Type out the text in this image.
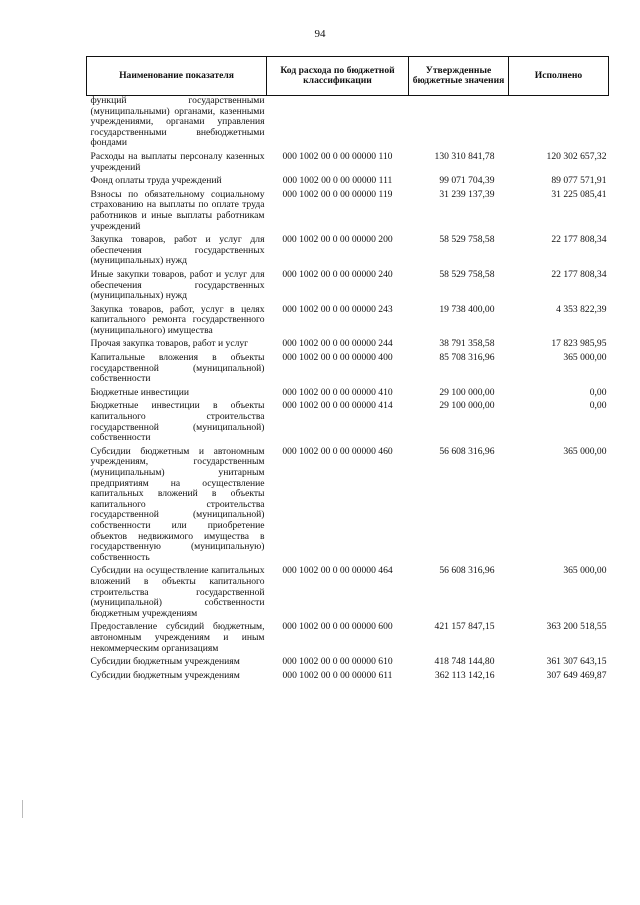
94
Наименование показателя	Код расхода по бюджетной классификации	Утвержденные бюджетные значения	Исполнено
функций государственными (муниципальными) органами, казенными учреждениями, органами управления государственными внебюджетными фондами			
Расходы на выплаты персоналу казенных учреждений	000 1002 00 0 00 00000 110	130 310 841,78	120 302 657,32
Фонд оплаты труда учреждений	000 1002 00 0 00 00000 111	99 071 704,39	89 077 571,91
Взносы по обязательному социальному страхованию на выплаты по оплате труда работников и иные выплаты работникам учреждений	000 1002 00 0 00 00000 119	31 239 137,39	31 225 085,41
Закупка товаров, работ и услуг для обеспечения государственных (муниципальных) нужд	000 1002 00 0 00 00000 200	58 529 758,58	22 177 808,34
Иные закупки товаров, работ и услуг для обеспечения государственных (муниципальных) нужд	000 1002 00 0 00 00000 240	58 529 758,58	22 177 808,34
Закупка товаров, работ, услуг в целях капитального ремонта государственного (муниципального) имущества	000 1002 00 0 00 00000 243	19 738 400,00	4 353 822,39
Прочая закупка товаров, работ и услуг	000 1002 00 0 00 00000 244	38 791 358,58	17 823 985,95
Капитальные вложения в объекты государственной (муниципальной) собственности	000 1002 00 0 00 00000 400	85 708 316,96	365 000,00
Бюджетные инвестиции	000 1002 00 0 00 00000 410	29 100 000,00	0,00
Бюджетные инвестиции в объекты капитального строительства государственной (муниципальной) собственности	000 1002 00 0 00 00000 414	29 100 000,00	0,00
Субсидии бюджетным и автономным учреждениям, государственным (муниципальным) унитарным предприятиям на осуществление капитальных вложений в объекты капитального строительства государственной (муниципальной) собственности или приобретение объектов недвижимого имущества в государственную (муниципальную) собственность	000 1002 00 0 00 00000 460	56 608 316,96	365 000,00
Субсидии на осуществление капитальных вложений в объекты капитального строительства государственной (муниципальной) собственности бюджетным учреждениям	000 1002 00 0 00 00000 464	56 608 316,96	365 000,00
Предоставление субсидий бюджетным, автономным учреждениям и иным некоммерческим организациям	000 1002 00 0 00 00000 600	421 157 847,15	363 200 518,55
Субсидии бюджетным учреждениям	000 1002 00 0 00 00000 610	418 748 144,80	361 307 643,15
Субсидии бюджетным учреждениям	000 1002 00 0 00 00000 611	362 113 142,16	307 649 469,87
